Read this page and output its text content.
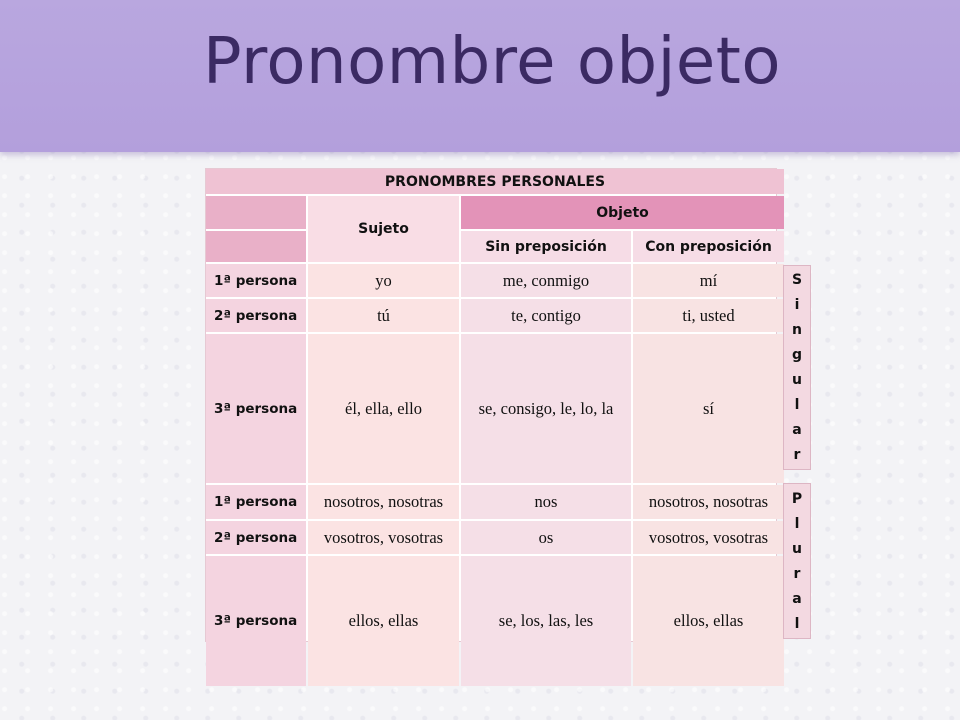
Pronombre objeto
PRONOMBRES PERSONALES
Sujeto
Objeto
Sin preposición	Con preposición
1ª persona	yo	me, conmigo	mí
2ª persona	tú	te, contigo	ti, usted
3ª persona	él, ella, ello	se, consigo, le, lo, la	sí
1ª persona	nosotros, nosotras	nos	nosotros, nosotras
2ª persona	vosotros, vosotras	os	vosotros, vosotras
3ª persona	ellos, ellas	se, los, las, les	ellos, ellas
S
i
n
g
u
l
a
r
P
l
u
r
a
l
